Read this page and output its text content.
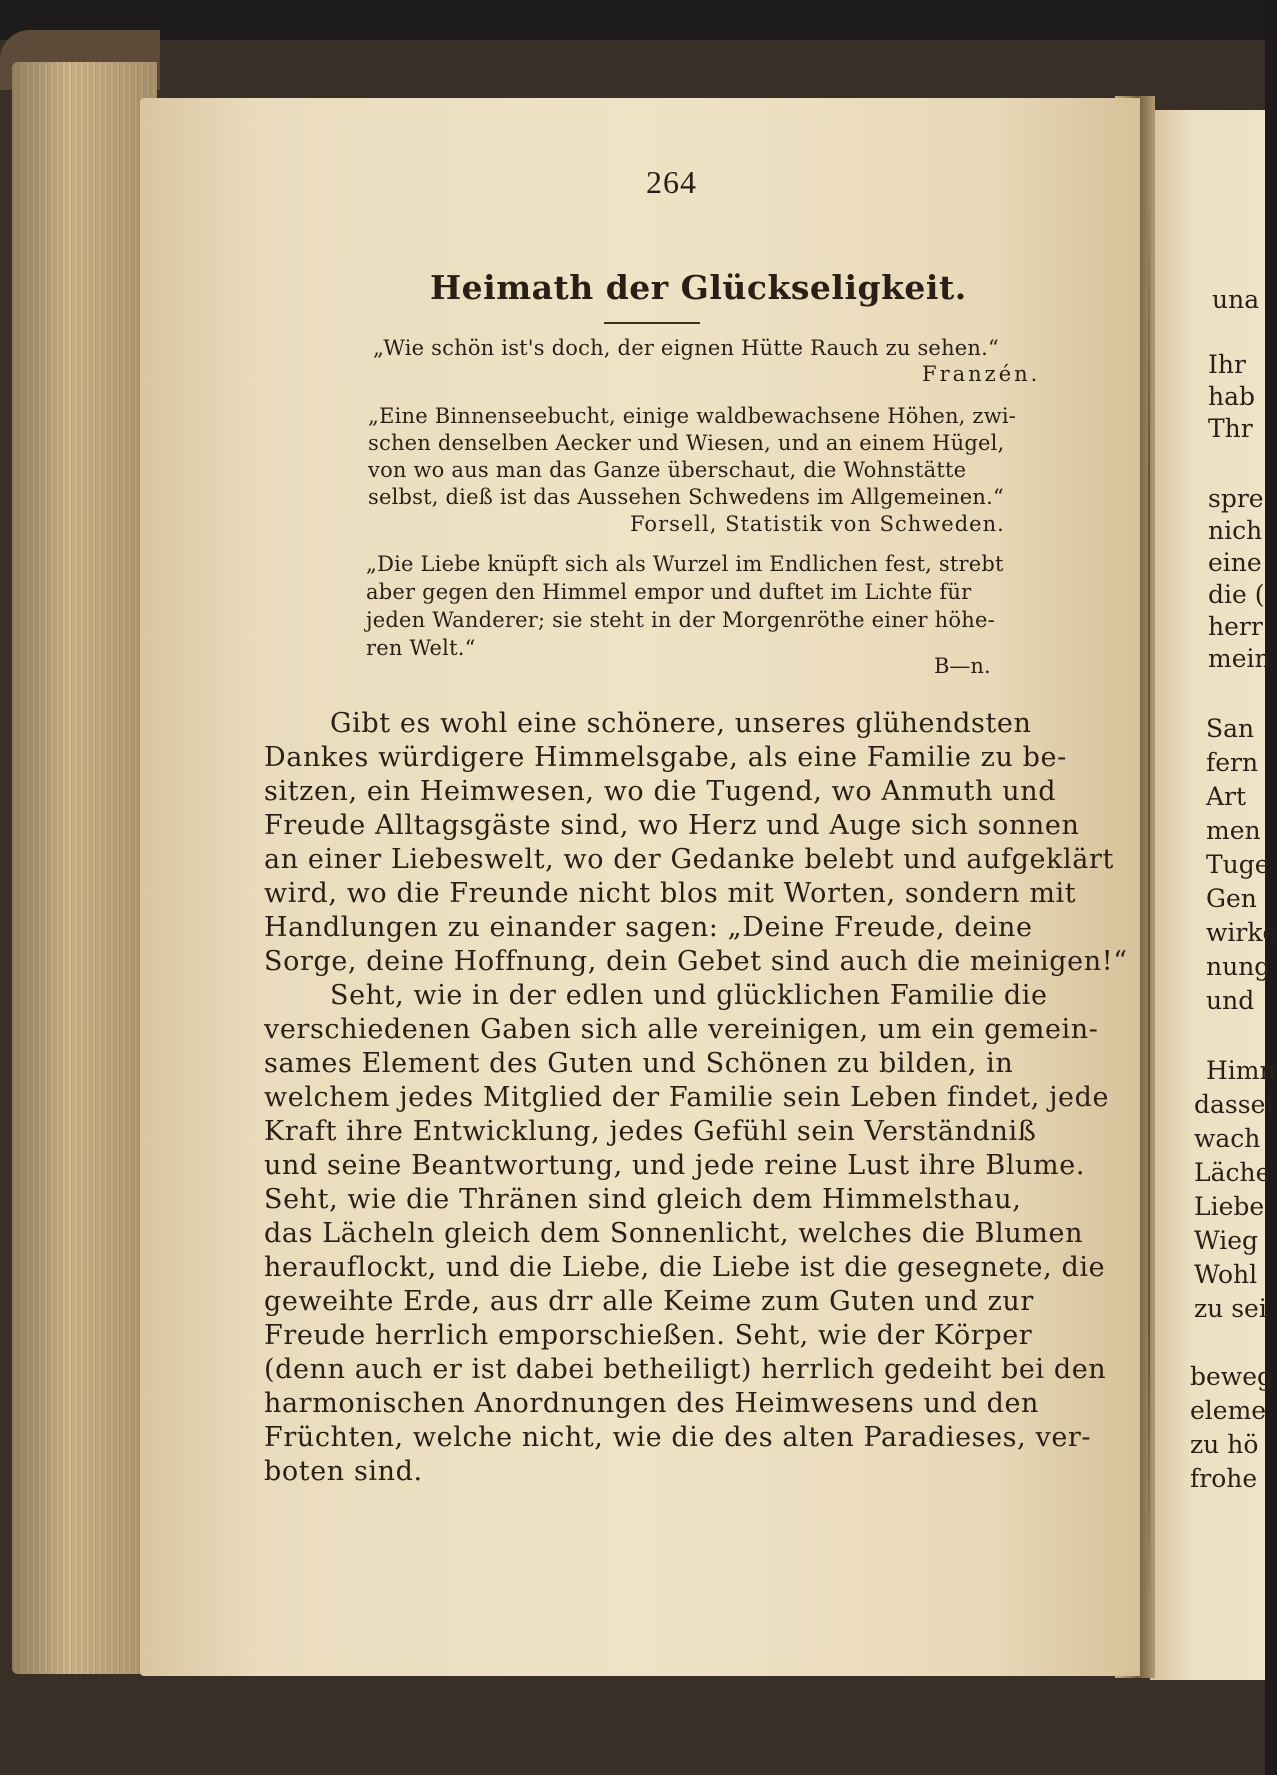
264
Heimath der Glückseligkeit.
„Wie schön ist's doch, der eignen Hütte Rauch zu sehen.“
Franzén.
„Eine Binnenseebucht, einige waldbewachsene Höhen, zwi-
schen denselben Aecker und Wiesen, und an einem Hügel,
von wo aus man das Ganze überschaut, die Wohnstätte
selbst, dieß ist das Aussehen Schwedens im Allgemeinen.“
Forsell, Statistik von Schweden.
„Die Liebe knüpft sich als Wurzel im Endlichen fest, strebt
aber gegen den Himmel empor und duftet im Lichte für
jeden Wanderer; sie steht in der Morgenröthe einer höhe-
ren Welt.“
B—n.
Gibt es wohl eine schönere, unseres glühendsten
Dankes würdigere Himmelsgabe, als eine Familie zu be-
sitzen, ein Heimwesen, wo die Tugend, wo Anmuth und
Freude Alltagsgäste sind, wo Herz und Auge sich sonnen
an einer Liebeswelt, wo der Gedanke belebt und aufgeklärt
wird, wo die Freunde nicht blos mit Worten, sondern mit
Handlungen zu einander sagen: „Deine Freude, deine
Sorge, deine Hoffnung, dein Gebet sind auch die meinigen!“
Seht, wie in der edlen und glücklichen Familie die
verschiedenen Gaben sich alle vereinigen, um ein gemein-
sames Element des Guten und Schönen zu bilden, in
welchem jedes Mitglied der Familie sein Leben findet, jede
Kraft ihre Entwicklung, jedes Gefühl sein Verständniß
und seine Beantwortung, und jede reine Lust ihre Blume.
Seht, wie die Thränen sind gleich dem Himmelsthau,
das Lächeln gleich dem Sonnenlicht, welches die Blumen
herauflockt, und die Liebe, die Liebe ist die gesegnete, die
geweihte Erde, aus drr alle Keime zum Guten und zur
Freude herrlich emporschießen. Seht, wie der Körper
(denn auch er ist dabei betheiligt) herrlich gedeiht bei den
harmonischen Anordnungen des Heimwesens und den
Früchten, welche nicht, wie die des alten Paradieses, ver-
boten sind.
una
Ihr
hab
Thr
spre
nich
eine
die (
herr
mein
San
fern
Art
men
Tuge
Gen
wirke
nung
und
Himn
dassel
wach
Läche
Liebe
Wieg
Wohl
zu sei
beweg
eleme
zu hö
frohe
